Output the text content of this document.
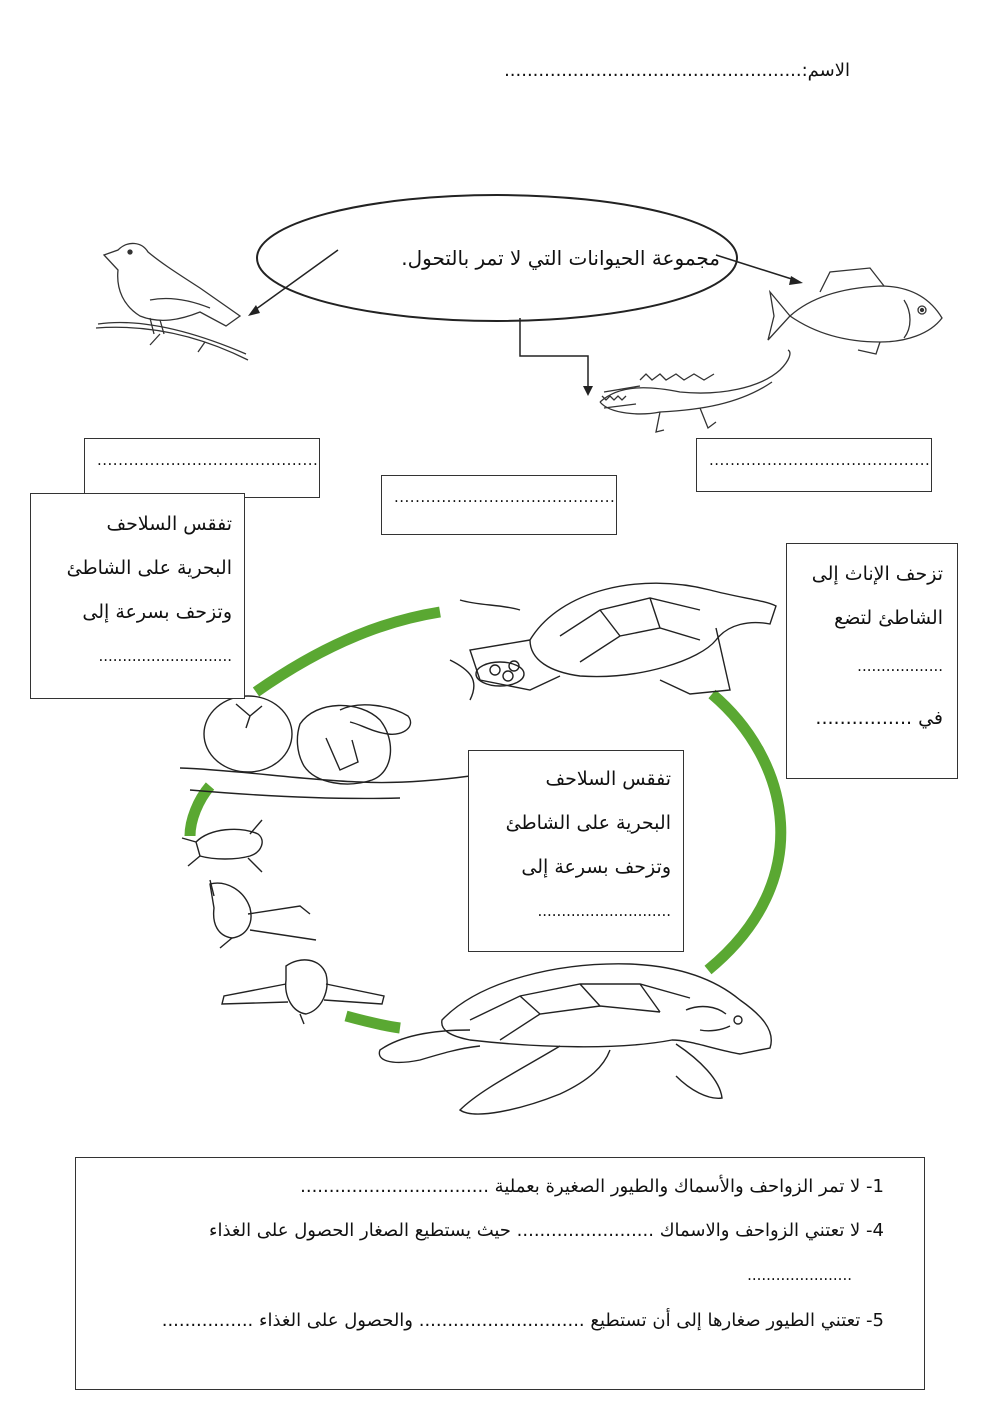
الاسم:....................................................
مجموعة الحيوانات التي لا تمر بالتحول.
..........................................
..........................................
..........................................
تفقس السلاحف
البحرية على الشاطئ
وتزحف بسرعة إلى
............................
تزحف الإناث إلى
الشاطئ لتضع
..................
في ................
تفقس السلاحف
البحرية على الشاطئ
وتزحف بسرعة إلى
............................
1- لا تمر الزواحف والأسماك والطيور الصغيرة بعملية .................................
4- لا تعتني الزواحف والاسماك ........................ حيث يستطيع الصغار الحصول على الغذاء
......................
5- تعتني الطيور صغارها إلى أن تستطيع ............................. والحصول على الغذاء ................
